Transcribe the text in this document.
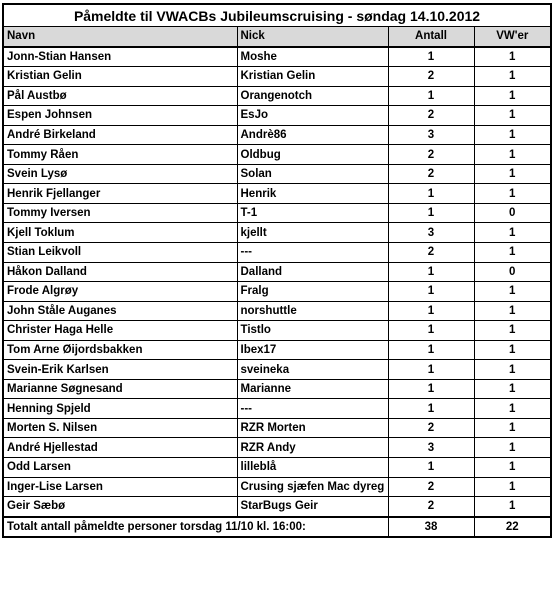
Påmeldte til VWACBs Jubileumscruising - søndag 14.10.2012			
Navn	Nick	Antall	VW'er
Jonn-Stian Hansen	Moshe	1	1
Kristian Gelin	Kristian Gelin	2	1
Pål Austbø	Orangenotch	1	1
Espen Johnsen	EsJo	2	1
André Birkeland	Andrè86	3	1
Tommy Råen	Oldbug	2	1
Svein Lysø	Solan	2	1
Henrik Fjellanger	Henrik	1	1
Tommy Iversen	T-1	1	0
Kjell Toklum	kjellt	3	1
Stian Leikvoll	---	2	1
Håkon Dalland	Dalland	1	0
Frode Algrøy	Fralg	1	1
John Ståle Auganes	norshuttle	1	1
Christer Haga Helle	Tistlo	1	1
Tom Arne Øijordsbakken	Ibex17	1	1
Svein-Erik Karlsen	sveineka	1	1
Marianne Søgnesand	Marianne	1	1
Henning Spjeld	---	1	1
Morten S. Nilsen	RZR Morten	2	1
André Hjellestad	RZR Andy	3	1
Odd Larsen	lilleblå	1	1
Inger-Lise Larsen	Crusing sjæfen Mac dyreg	2	1
Geir Sæbø	StarBugs Geir	2	1
Totalt antall påmeldte personer torsdag 11/10 kl. 16:00:		38	22
